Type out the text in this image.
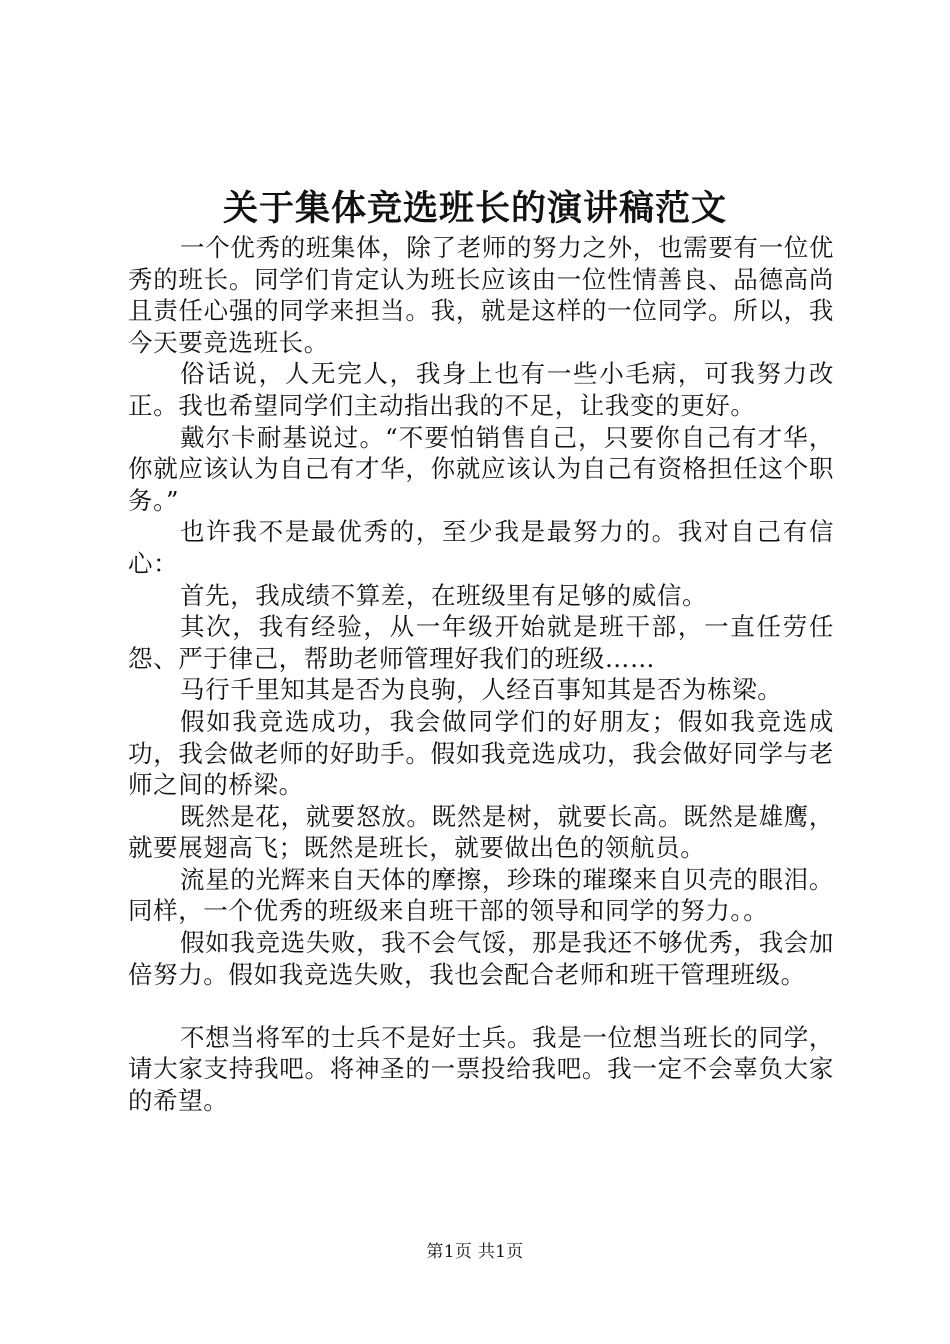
关于集体竞选班长的演讲稿范文

一个优秀的班集体，除了老师的努力之外，也需要有一位优秀的班长。同学们肯定认为班长应该由一位性情善良、品德高尚且责任心强的同学来担当。我，就是这样的一位同学。所以，我今天要竞选班长。

俗话说，人无完人，我身上也有一些小毛病，可我努力改正。我也希望同学们主动指出我的不足，让我变的更好。

戴尔卡耐基说过。“不要怕销售自己，只要你自己有才华，你就应该认为自己有才华，你就应该认为自己有资格担任这个职务。”

也许我不是最优秀的，至少我是最努力的。我对自己有信心：

首先，我成绩不算差，在班级里有足够的威信。

其次，我有经验，从一年级开始就是班干部，一直任劳任怨、严于律己，帮助老师管理好我们的班级……

马行千里知其是否为良驹，人经百事知其是否为栋梁。

假如我竞选成功，我会做同学们的好朋友；假如我竞选成功，我会做老师的好助手。假如我竞选成功，我会做好同学与老师之间的桥梁。

既然是花，就要怒放。既然是树，就要长高。既然是雄鹰，就要展翅高飞；既然是班长，就要做出色的领航员。

流星的光辉来自天体的摩擦，珍珠的璀璨来自贝壳的眼泪。同样，一个优秀的班级来自班干部的领导和同学的努力。。

假如我竞选失败，我不会气馁，那是我还不够优秀，我会加倍努力。假如我竞选失败，我也会配合老师和班干管理班级。

不想当将军的士兵不是好士兵。我是一位想当班长的同学，请大家支持我吧。将神圣的一票投给我吧。我一定不会辜负大家的希望。

第1页 共1页
